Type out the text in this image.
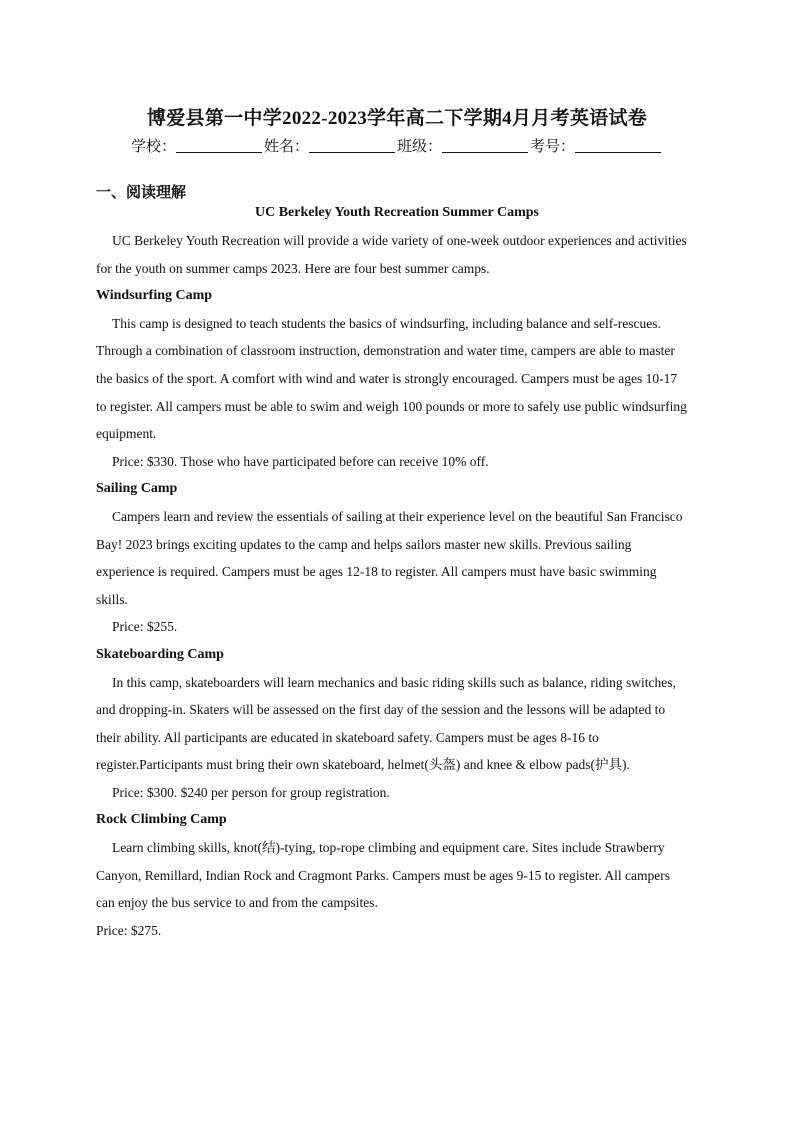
博爱县第一中学2022-2023学年高二下学期4月月考英语试卷
学校：	姓名：	班级：	考号：
一、阅读理解
UC Berkeley Youth Recreation Summer Camps

UC Berkeley Youth Recreation will provide a wide variety of one-week outdoor experiences and activities for the youth on summer camps 2023. Here are four best summer camps.

Windsurfing Camp

This camp is designed to teach students the basics of windsurfing, including balance and self-rescues. Through a combination of classroom instruction, demonstration and water time, campers are able to master the basics of the sport. A comfort with wind and water is strongly encouraged. Campers must be ages 10-17 to register. All campers must be able to swim and weigh 100 pounds or more to safely use public windsurfing equipment.

Price: $330. Those who have participated before can receive 10% off.

Sailing Camp

Campers learn and review the essentials of sailing at their experience level on the beautiful San Francisco Bay! 2023 brings exciting updates to the camp and helps sailors master new skills. Previous sailing experience is required. Campers must be ages 12-18 to register. All campers must have basic swimming skills.

Price: $255.

Skateboarding Camp

In this camp, skateboarders will learn mechanics and basic riding skills such as balance, riding switches, and dropping-in. Skaters will be assessed on the first day of the session and the lessons will be adapted to their ability. All participants are educated in skateboard safety. Campers must be ages 8-16 to register.Participants must bring their own skateboard, helmet(头盔) and knee & elbow pads(护具).

Price: $300. $240 per person for group registration.

Rock Climbing Camp

Learn climbing skills, knot(结)-tying, top-rope climbing and equipment care. Sites include Strawberry Canyon, Remillard, Indian Rock and Cragmont Parks. Campers must be ages 9-15 to register. All campers can enjoy the bus service to and from the campsites.

Price: $275.
